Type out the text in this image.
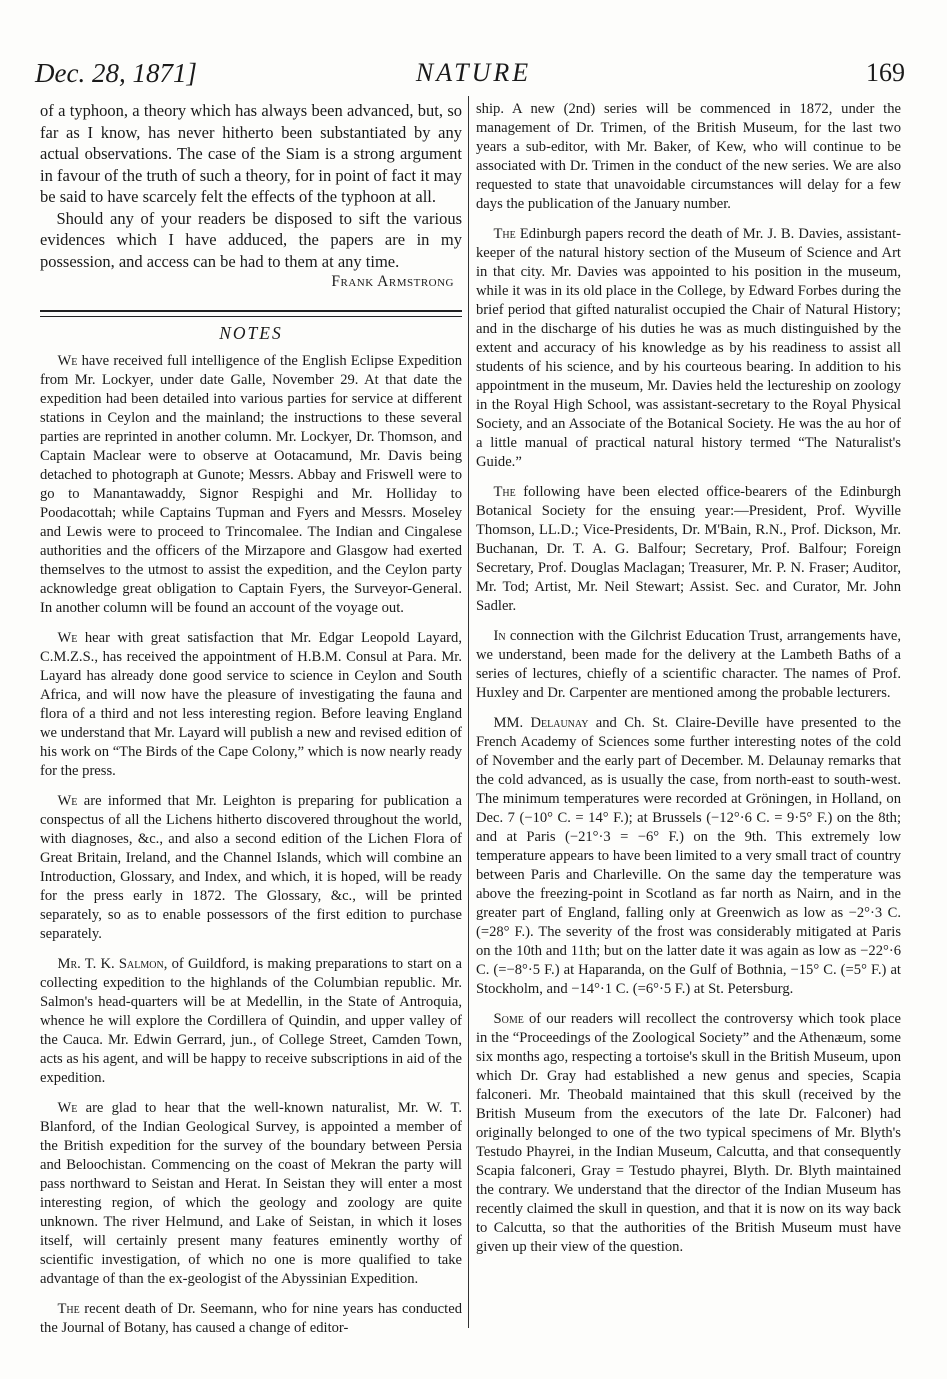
Dec. 28, 1871]	NATURE	169

of a typhoon, a theory which has always been advanced, but, so far as I know, has never hitherto been substantiated by any actual observations. The case of the Siam is a strong argument in favour of the truth of such a theory, for in point of fact it may be said to have scarcely felt the effects of the typhoon at all.

Should any of your readers be disposed to sift the various evidences which I have adduced, the papers are in my possession, and access can be had to them at any time.

Frank Armstrong
NOTES

We have received full intelligence of the English Eclipse Expedition from Mr. Lockyer, under date Galle, November 29. At that date the expedition had been detailed into various parties for service at different stations in Ceylon and the mainland; the instructions to these several parties are reprinted in another column. Mr. Lockyer, Dr. Thomson, and Captain Maclear were to observe at Ootacamund, Mr. Davis being detached to photograph at Gunote; Messrs. Abbay and Friswell were to go to Manantawaddy, Signor Respighi and Mr. Holliday to Poodacottah; while Captains Tupman and Fyers and Messrs. Moseley and Lewis were to proceed to Trincomalee. The Indian and Cingalese authorities and the officers of the Mirzapore and Glasgow had exerted themselves to the utmost to assist the expedition, and the Ceylon party acknowledge great obligation to Captain Fyers, the Surveyor-General. In another column will be found an account of the voyage out.

We hear with great satisfaction that Mr. Edgar Leopold Layard, C.M.Z.S., has received the appointment of H.B.M. Consul at Para. Mr. Layard has already done good service to science in Ceylon and South Africa, and will now have the pleasure of investigating the fauna and flora of a third and not less interesting region. Before leaving England we understand that Mr. Layard will publish a new and revised edition of his work on “The Birds of the Cape Colony,” which is now nearly ready for the press.

We are informed that Mr. Leighton is preparing for publication a conspectus of all the Lichens hitherto discovered throughout the world, with diagnoses, &c., and also a second edition of the Lichen Flora of Great Britain, Ireland, and the Channel Islands, which will combine an Introduction, Glossary, and Index, and which, it is hoped, will be ready for the press early in 1872. The Glossary, &c., will be printed separately, so as to enable possessors of the first edition to purchase separately.

Mr. T. K. Salmon, of Guildford, is making preparations to start on a collecting expedition to the highlands of the Columbian republic. Mr. Salmon's head-quarters will be at Medellin, in the State of Antroquia, whence he will explore the Cordillera of Quindin, and upper valley of the Cauca. Mr. Edwin Gerrard, jun., of College Street, Camden Town, acts as his agent, and will be happy to receive subscriptions in aid of the expedition.

We are glad to hear that the well-known naturalist, Mr. W. T. Blanford, of the Indian Geological Survey, is appointed a member of the British expedition for the survey of the boundary between Persia and Beloochistan. Commencing on the coast of Mekran the party will pass northward to Seistan and Herat. In Seistan they will enter a most interesting region, of which the geology and zoology are quite unknown. The river Helmund, and Lake of Seistan, in which it loses itself, will certainly present many features eminently worthy of scientific investigation, of which no one is more qualified to take advantage of than the ex-geologist of the Abyssinian Expedition.

The recent death of Dr. Seemann, who for nine years has conducted the Journal of Botany, has caused a change of editor-

ship. A new (2nd) series will be commenced in 1872, under the management of Dr. Trimen, of the British Museum, for the last two years a sub-editor, with Mr. Baker, of Kew, who will continue to be associated with Dr. Trimen in the conduct of the new series. We are also requested to state that unavoidable circumstances will delay for a few days the publication of the January number.

The Edinburgh papers record the death of Mr. J. B. Davies, assistant-keeper of the natural history section of the Museum of Science and Art in that city. Mr. Davies was appointed to his position in the museum, while it was in its old place in the College, by Edward Forbes during the brief period that gifted naturalist occupied the Chair of Natural History; and in the discharge of his duties he was as much distinguished by the extent and accuracy of his knowledge as by his readiness to assist all students of his science, and by his courteous bearing. In addition to his appointment in the museum, Mr. Davies held the lectureship on zoology in the Royal High School, was assistant-secretary to the Royal Physical Society, and an Associate of the Botanical Society. He was the au hor of a little manual of practical natural history termed “The Naturalist's Guide.”

The following have been elected office-bearers of the Edinburgh Botanical Society for the ensuing year:—President, Prof. Wyville Thomson, LL.D.; Vice-Presidents, Dr. M'Bain, R.N., Prof. Dickson, Mr. Buchanan, Dr. T. A. G. Balfour; Secretary, Prof. Balfour; Foreign Secretary, Prof. Douglas Maclagan; Treasurer, Mr. P. N. Fraser; Auditor, Mr. Tod; Artist, Mr. Neil Stewart; Assist. Sec. and Curator, Mr. John Sadler.

In connection with the Gilchrist Education Trust, arrangements have, we understand, been made for the delivery at the Lambeth Baths of a series of lectures, chiefly of a scientific character. The names of Prof. Huxley and Dr. Carpenter are mentioned among the probable lecturers.

MM. Delaunay and Ch. St. Claire-Deville have presented to the French Academy of Sciences some further interesting notes of the cold of November and the early part of December. M. Delaunay remarks that the cold advanced, as is usually the case, from north-east to south-west. The minimum temperatures were recorded at Gröningen, in Holland, on Dec. 7 (−10° C. = 14° F.); at Brussels (−12°·6 C. = 9·5° F.) on the 8th; and at Paris (−21°·3 = −6° F.) on the 9th. This extremely low temperature appears to have been limited to a very small tract of country between Paris and Charleville. On the same day the temperature was above the freezing-point in Scotland as far north as Nairn, and in the greater part of England, falling only at Greenwich as low as −2°·3 C. (=28° F.). The severity of the frost was considerably mitigated at Paris on the 10th and 11th; but on the latter date it was again as low as −22°·6 C. (=−8°·5 F.) at Haparanda, on the Gulf of Bothnia, −15° C. (=5° F.) at Stockholm, and −14°·1 C. (=6°·5 F.) at St. Petersburg.

Some of our readers will recollect the controversy which took place in the “Proceedings of the Zoological Society” and the Athenæum, some six months ago, respecting a tortoise's skull in the British Museum, upon which Dr. Gray had established a new genus and species, Scapia falconeri. Mr. Theobald maintained that this skull (received by the British Museum from the executors of the late Dr. Falconer) had originally belonged to one of the two typical specimens of Mr. Blyth's Testudo Phayrei, in the Indian Museum, Calcutta, and that consequently Scapia falconeri, Gray = Testudo phayrei, Blyth. Dr. Blyth maintained the contrary. We understand that the director of the Indian Museum has recently claimed the skull in question, and that it is now on its way back to Calcutta, so that the authorities of the British Museum must have given up their view of the question.
